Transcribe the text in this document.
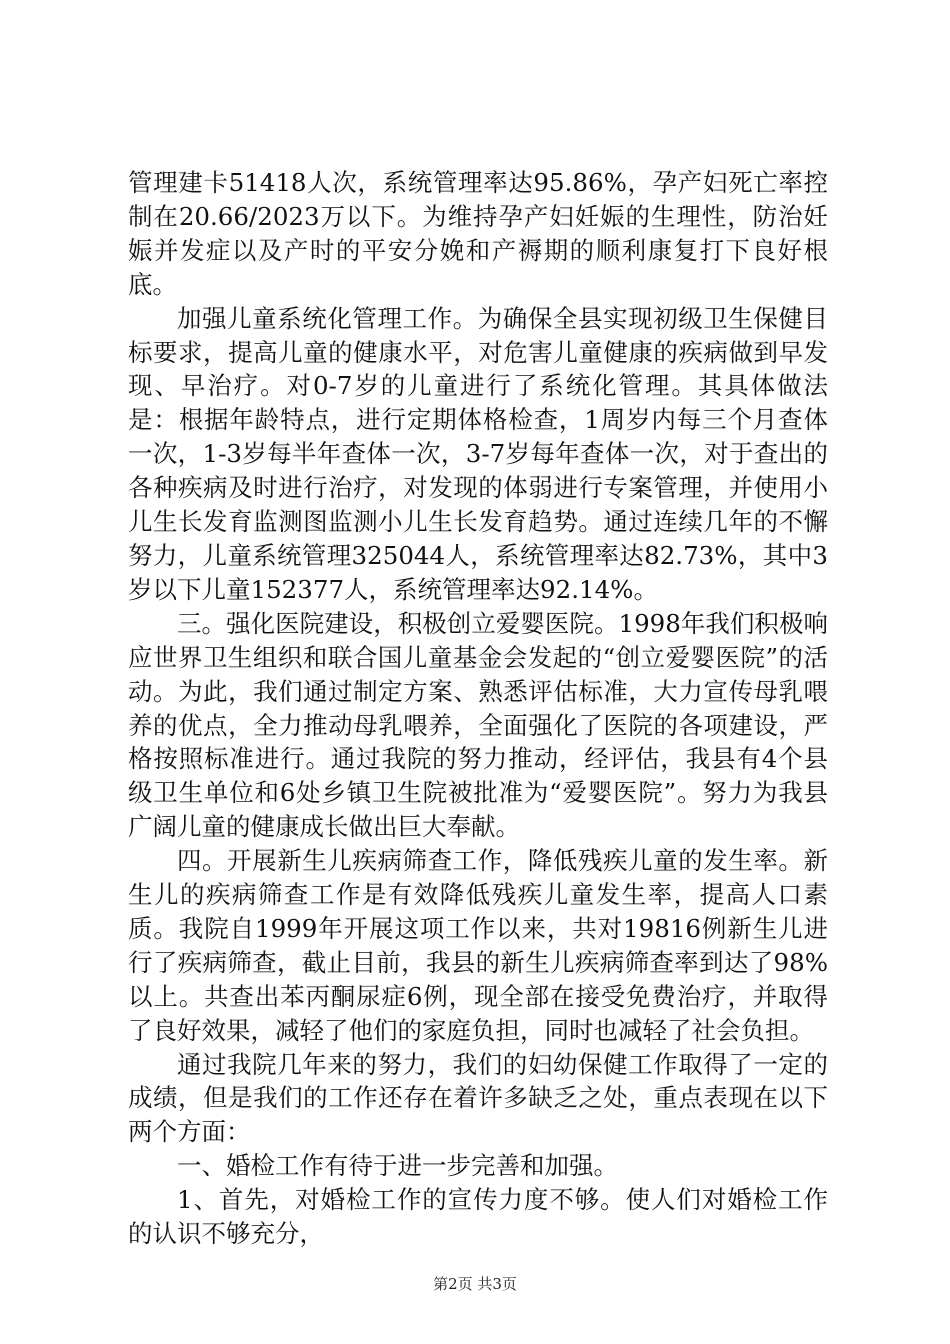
管理建卡51418人次，系统管理率达95.86%，孕产妇死亡率控制在20.66/2023万以下。为维持孕产妇妊娠的生理性，防治妊娠并发症以及产时的平安分娩和产褥期的顺利康复打下良好根底。

加强儿童系统化管理工作。为确保全县实现初级卫生保健目标要求，提高儿童的健康水平，对危害儿童健康的疾病做到早发现、早治疗。对0-7岁的儿童进行了系统化管理。其具体做法是：根据年龄特点，进行定期体格检查，1周岁内每三个月查体一次，1-3岁每半年查体一次，3-7岁每年查体一次，对于查出的各种疾病及时进行治疗，对发现的体弱进行专案管理，并使用小儿生长发育监测图监测小儿生长发育趋势。通过连续几年的不懈努力，儿童系统管理325044人，系统管理率达82.73%，其中3岁以下儿童152377人，系统管理率达92.14%。

三。强化医院建设，积极创立爱婴医院。1998年我们积极响应世界卫生组织和联合国儿童基金会发起的“创立爱婴医院”的活动。为此，我们通过制定方案、熟悉评估标准，大力宣传母乳喂养的优点，全力推动母乳喂养，全面强化了医院的各项建设，严格按照标准进行。通过我院的努力推动，经评估，我县有4个县级卫生单位和6处乡镇卫生院被批准为“爱婴医院”。努力为我县广阔儿童的健康成长做出巨大奉献。

四。开展新生儿疾病筛查工作，降低残疾儿童的发生率。新生儿的疾病筛查工作是有效降低残疾儿童发生率，提高人口素质。我院自1999年开展这项工作以来，共对19816例新生儿进行了疾病筛查，截止目前，我县的新生儿疾病筛查率到达了98%以上。共查出苯丙酮尿症6例，现全部在接受免费治疗，并取得了良好效果，减轻了他们的家庭负担，同时也减轻了社会负担。

通过我院几年来的努力，我们的妇幼保健工作取得了一定的成绩，但是我们的工作还存在着许多缺乏之处，重点表现在以下两个方面：

一、婚检工作有待于进一步完善和加强。

1、首先，对婚检工作的宣传力度不够。使人们对婚检工作的认识不够充分，

第2页 共3页
